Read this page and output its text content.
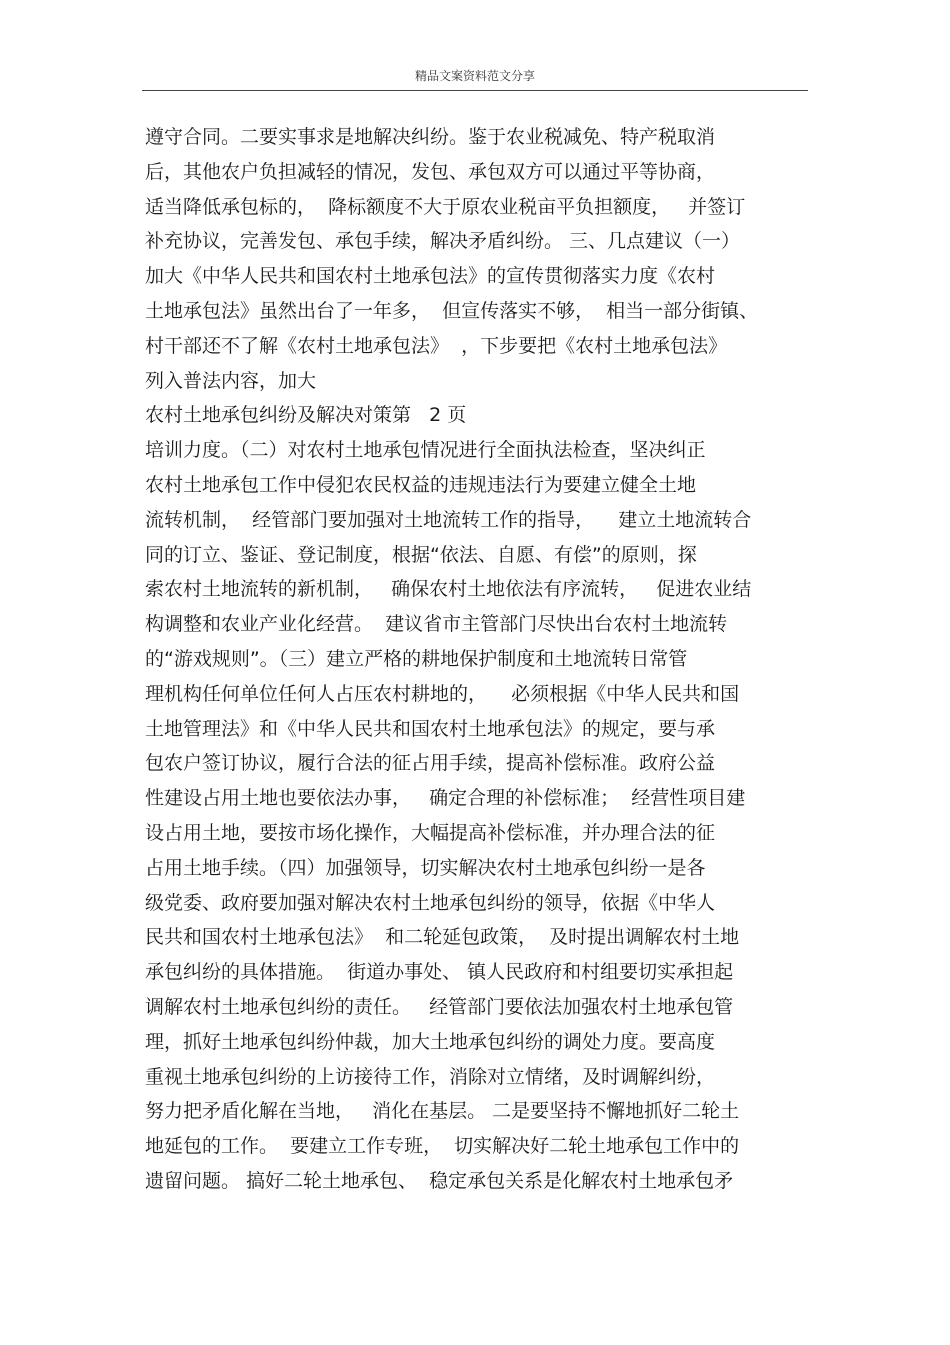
精品文案资料范文分享
遵守合同。二要实事求是地解决纠纷。鉴于农业税减免、特产税取消
后，其他农户负担减轻的情况，发包、承包双方可以通过平等协商，
适当降低承包标的，  降标额度不大于原农业税亩平负担额度，   并签订
补充协议，完善发包、承包手续，解决矛盾纠纷。 三、几点建议（一）
加大《中华人民共和国农村土地承包法》的宣传贯彻落实力度《农村
土地承包法》虽然出台了一年多，  但宣传落实不够，  相当一部分街镇、
村干部还不了解《农村土地承包法》  ，下步要把《农村土地承包法》
列入普法内容，加大
农村土地承包纠纷及解决对策第   2 页
培训力度。（二）对农村土地承包情况进行全面执法检查，坚决纠正
农村土地承包工作中侵犯农民权益的违规违法行为要建立健全土地
流转机制，  经管部门要加强对土地流转工作的指导，    建立土地流转合
同的订立、鉴证、登记制度，根据“依法、自愿、有偿”的原则，探
索农村土地流转的新机制，   确保农村土地依法有序流转，   促进农业结
构调整和农业产业化经营。  建议省市主管部门尽快出台农村土地流转
的“游戏规则”。（三）建立严格的耕地保护制度和土地流转日常管
理机构任何单位任何人占压农村耕地的，    必须根据《中华人民共和国
土地管理法》和《中华人民共和国农村土地承包法》的规定，要与承
包农户签订协议，履行合法的征占用手续，提高补偿标准。政府公益
性建设占用土地也要依法办事，   确定合理的补偿标准；  经营性项目建
设占用土地，要按市场化操作，大幅提高补偿标准，并办理合法的征
占用土地手续。（四）加强领导，切实解决农村土地承包纠纷一是各
级党委、政府要加强对解决农村土地承包纠纷的领导，依据《中华人
民共和国农村土地承包法》  和二轮延包政策，  及时提出调解农村土地
承包纠纷的具体措施。  街道办事处、 镇人民政府和村组要切实承担起
调解农村土地承包纠纷的责任。   经管部门要依法加强农村土地承包管
理，抓好土地承包纠纷仲裁，加大土地承包纠纷的调处力度。要高度
重视土地承包纠纷的上访接待工作，消除对立情绪，及时调解纠纷，
努力把矛盾化解在当地，   消化在基层。 二是要坚持不懈地抓好二轮土
地延包的工作。  要建立工作专班，  切实解决好二轮土地承包工作中的
遗留问题。 搞好二轮土地承包、  稳定承包关系是化解农村土地承包矛
